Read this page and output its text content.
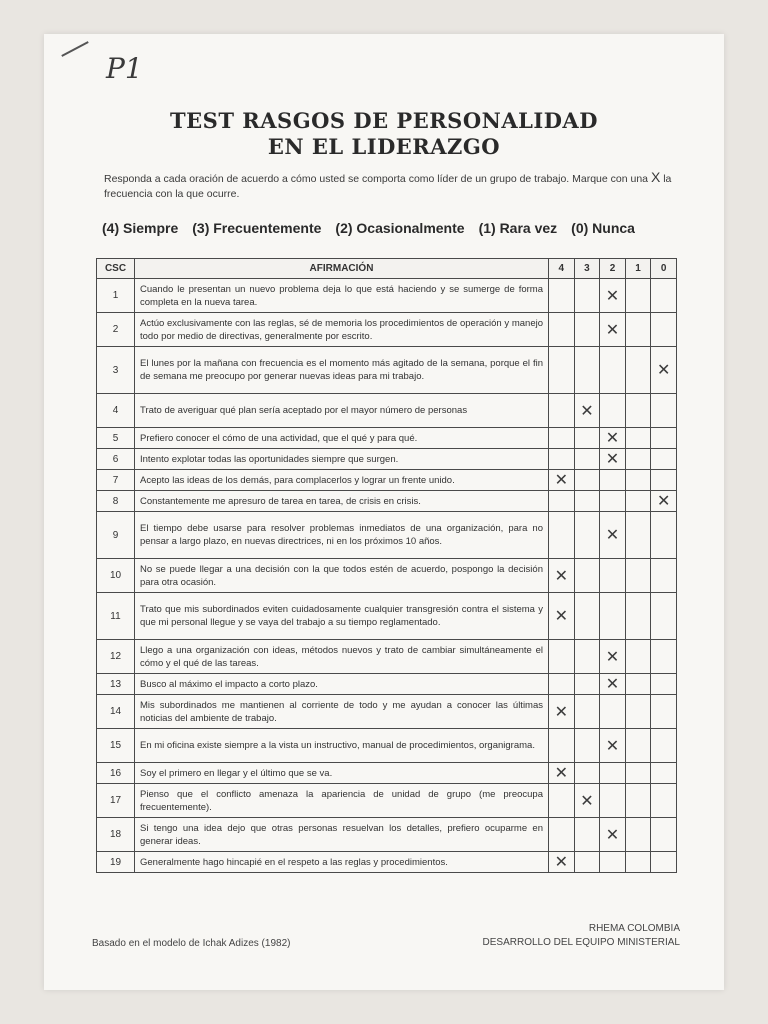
P1
TEST RASGOS DE PERSONALIDAD
EN EL LIDERAZGO

Responda a cada oración de acuerdo a cómo usted se comporta como líder de un grupo de trabajo. Marque con una X la frecuencia con la que ocurre.

(4) Siempre (3) Frecuentemente (2) Ocasionalmente (1) Rara vez (0) Nunca
CSC	AFIRMACIÓN	4	3	2	1	0
1	Cuando le presentan un nuevo problema deja lo que está haciendo y se sumerge de forma completa en la nueva tarea.			✕		
2	Actúo exclusivamente con las reglas, sé de memoria los procedimientos de operación y manejo todo por medio de directivas, generalmente por escrito.			✕		
3	El lunes por la mañana con frecuencia es el momento más agitado de la semana, porque el fin de semana me preocupo por generar nuevas ideas para mi trabajo.					✕
4	Trato de averiguar qué plan sería aceptado por el mayor número de personas		✕			
5	Prefiero conocer el cómo de una actividad, que el qué y para qué.			✕		
6	Intento explotar todas las oportunidades siempre que surgen.			✕		
7	Acepto las ideas de los demás, para complacerlos y lograr un frente unido.	✕				
8	Constantemente me apresuro de tarea en tarea, de crisis en crisis.					✕
9	El tiempo debe usarse para resolver problemas inmediatos de una organización, para no pensar a largo plazo, en nuevas directrices, ni en los próximos 10 años.			✕		
10	No se puede llegar a una decisión con la que todos estén de acuerdo, pospongo la decisión para otra ocasión.	✕				
11	Trato que mis subordinados eviten cuidadosamente cualquier transgresión contra el sistema y que mi personal llegue y se vaya del trabajo a su tiempo reglamentado.	✕				
12	Llego a una organización con ideas, métodos nuevos y trato de cambiar simultáneamente el cómo y el qué de las tareas.			✕		
13	Busco al máximo el impacto a corto plazo.			✕		
14	Mis subordinados me mantienen al corriente de todo y me ayudan a conocer las últimas noticias del ambiente de trabajo.	✕				
15	En mi oficina existe siempre a la vista un instructivo, manual de procedimientos, organigrama.			✕		
16	Soy el primero en llegar y el último que se va.	✕				
17	Pienso que el conflicto amenaza la apariencia de unidad de grupo (me preocupa frecuentemente).		✕			
18	Si tengo una idea dejo que otras personas resuelvan los detalles, prefiero ocuparme en generar ideas.			✕		
19	Generalmente hago hincapié en el respeto a las reglas y procedimientos.	✕				
Basado en el modelo de Ichak Adizes (1982)
RHEMA COLOMBIA
DESARROLLO DEL EQUIPO MINISTERIAL
